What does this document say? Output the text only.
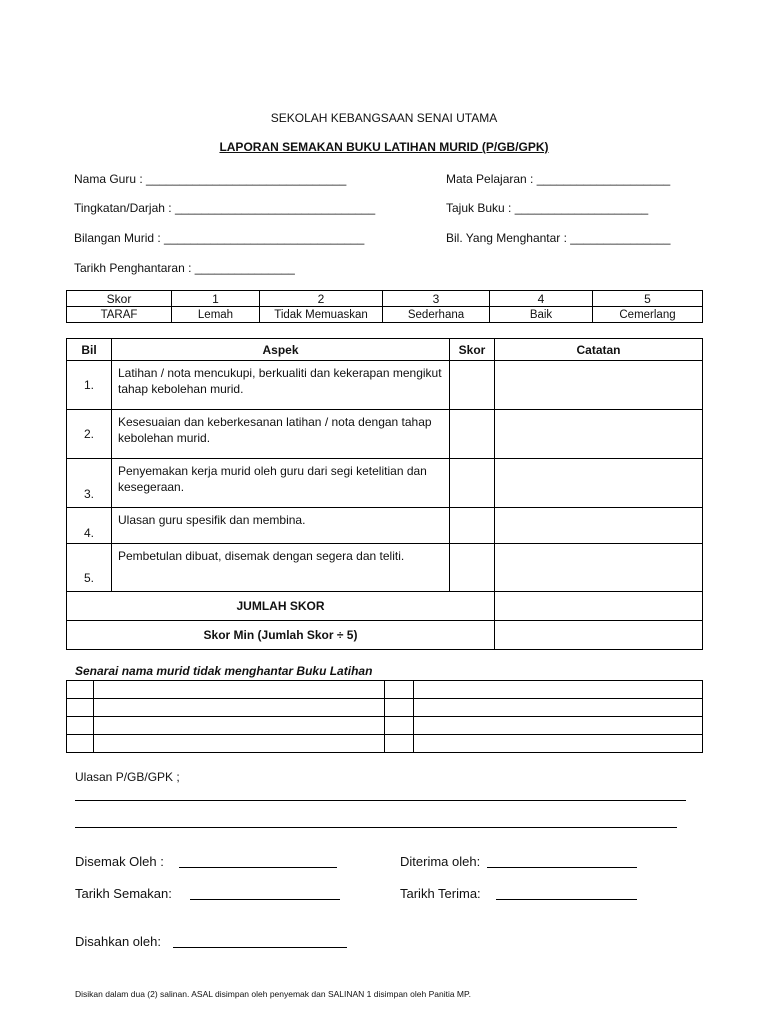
SEKOLAH KEBANGSAAN SENAI UTAMA
LAPORAN SEMAKAN BUKU LATIHAN MURID (P/GB/GPK)
Nama Guru : ______________________________	Mata Pelajaran : ____________________
Tingkatan/Darjah : ______________________________	Tajuk Buku : ____________________
Bilangan Murid : ______________________________	Bil. Yang Menghantar : _______________
Tarikh Penghantaran : _______________
Skor	1	2	3	4	5
TARAF	Lemah	Tidak Memuaskan	Sederhana	Baik	Cemerlang
Bil	Aspek	Skor	Catatan
1.	Latihan / nota mencukupi, berkualiti dan kekerapan mengikut tahap kebolehan murid.		
2.	Kesesuaian dan keberkesanan latihan / nota dengan tahap kebolehan murid.		
3.	Penyemakan kerja murid oleh guru dari segi ketelitian dan kesegeraan.		
4.	Ulasan guru spesifik dan membina.		
5.	Pembetulan dibuat, disemak dengan segera dan teliti.		
JUMLAH SKOR			
Skor Min (Jumlah Skor ÷ 5)			
Senarai nama murid tidak menghantar Buku Latihan

Ulasan P/GB/GPK ;
Disemak Oleh :	Diterima oleh:
Tarikh Semakan:	Tarikh Terima:
Disahkan oleh:
Disikan dalam dua (2) salinan. ASAL disimpan oleh penyemak dan SALINAN 1 disimpan oleh Panitia MP.
